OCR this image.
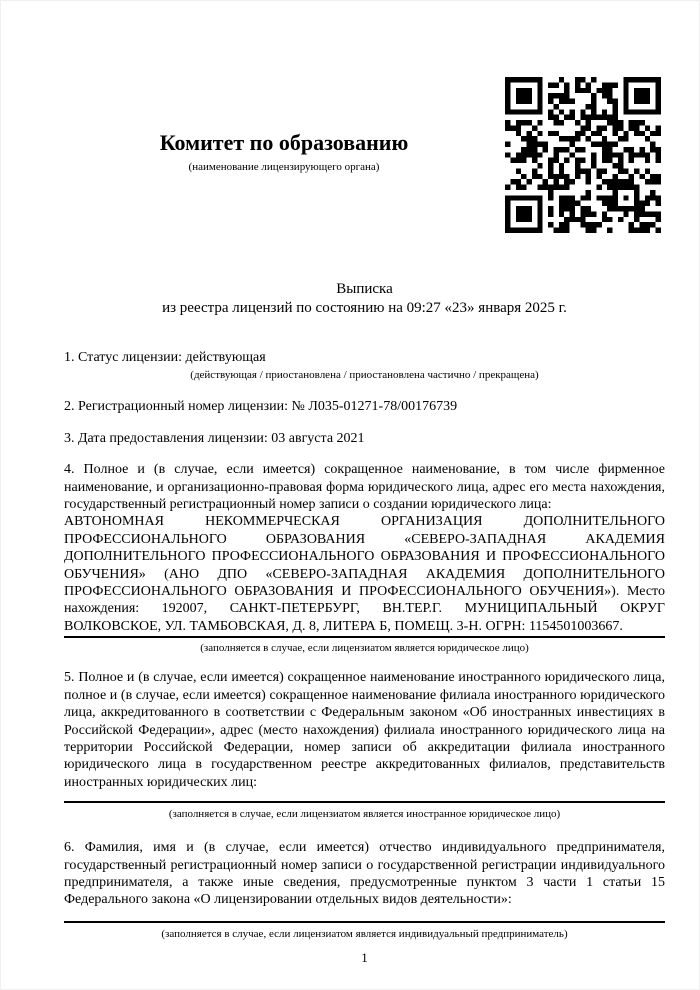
Комитет по образованию
(наименование лицензирующего органа)
Выписка
из реестра лицензий по состоянию на 09:27 «23» января 2025 г.
1. Статус лицензии: действующая
(действующая / приостановлена / приостановлена частично / прекращена)
2. Регистрационный номер лицензии: № Л035-01271-78/00176739
3. Дата предоставления лицензии: 03 августа 2021
4. Полное и (в случае, если имеется) сокращенное наименование, в том числе фирменное наименование, и организационно-правовая форма юридического лица, адрес его места нахождения, государственный регистрационный номер записи о создании юридического лица:
АВТОНОМНАЯ НЕКОММЕРЧЕСКАЯ ОРГАНИЗАЦИЯ ДОПОЛНИТЕЛЬНОГО ПРОФЕССИОНАЛЬНОГО ОБРАЗОВАНИЯ «СЕВЕРО-ЗАПАДНАЯ АКАДЕМИЯ ДОПОЛНИТЕЛЬНОГО ПРОФЕССИОНАЛЬНОГО ОБРАЗОВАНИЯ И ПРОФЕССИОНАЛЬНОГО ОБУЧЕНИЯ» (АНО ДПО «СЕВЕРО-ЗАПАДНАЯ АКАДЕМИЯ ДОПОЛНИТЕЛЬНОГО ПРОФЕССИОНАЛЬНОГО ОБРАЗОВАНИЯ И ПРОФЕССИОНАЛЬНОГО ОБУЧЕНИЯ»). Место нахождения: 192007, САНКТ-ПЕТЕРБУРГ, ВН.ТЕР.Г. МУНИЦИПАЛЬНЫЙ ОКРУГ ВОЛКОВСКОЕ, УЛ. ТАМБОВСКАЯ, Д. 8, ЛИТЕРА Б, ПОМЕЩ. 3-Н. ОГРН: 1154501003667.
(заполняется в случае, если лицензиатом является юридическое лицо)
5. Полное и (в случае, если имеется) сокращенное наименование иностранного юридического лица, полное и (в случае, если имеется) сокращенное наименование филиала иностранного юридического лица, аккредитованного в соответствии с Федеральным законом «Об иностранных инвестициях в Российской Федерации», адрес (место нахождения) филиала иностранного юридического лица на территории Российской Федерации, номер записи об аккредитации филиала иностранного юридического лица в государственном реестре аккредитованных филиалов, представительств иностранных юридических лиц:
(заполняется в случае, если лицензиатом является иностранное юридическое лицо)
6. Фамилия, имя и (в случае, если имеется) отчество индивидуального предпринимателя, государственный регистрационный номер записи о государственной регистрации индивидуального предпринимателя, а также иные сведения, предусмотренные пунктом 3 части 1 статьи 15 Федерального закона «О лицензировании отдельных видов деятельности»:
(заполняется в случае, если лицензиатом является индивидуальный предприниматель)
1
